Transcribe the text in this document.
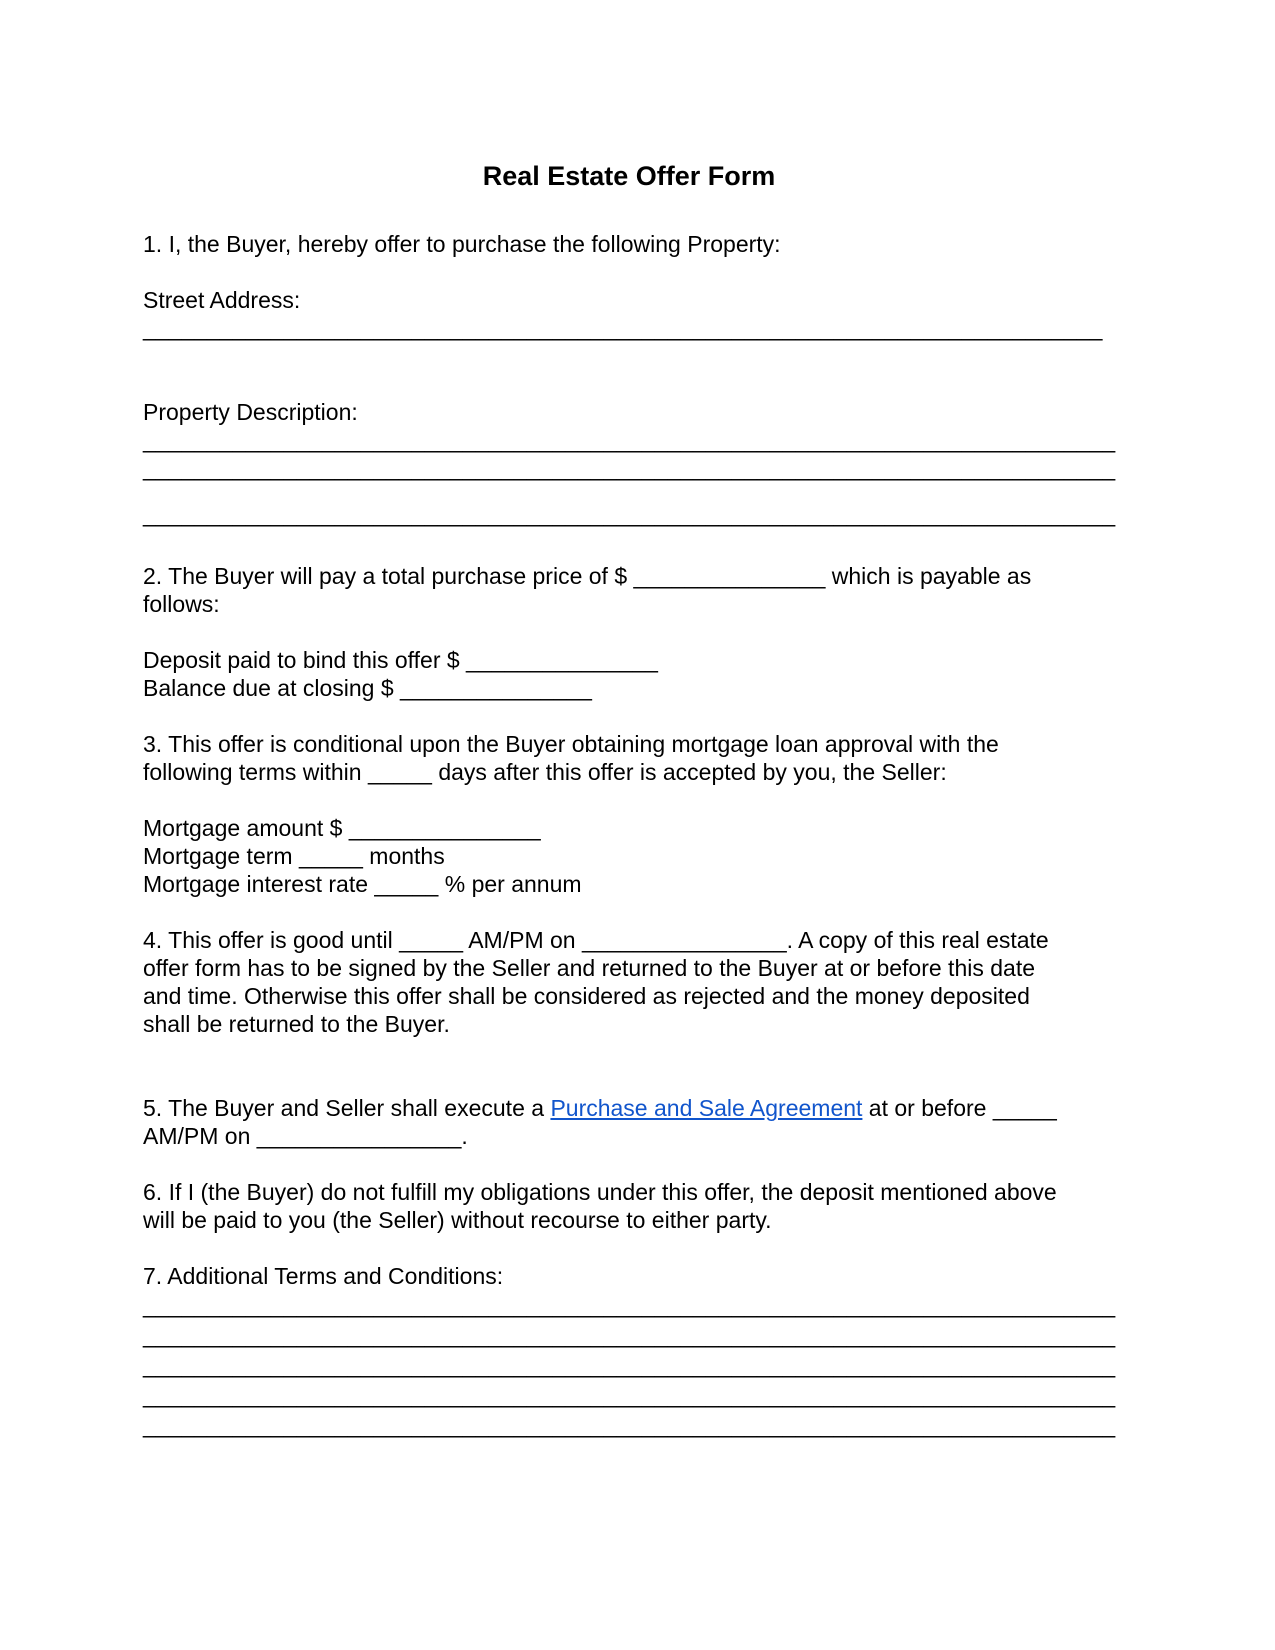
Real Estate Offer Form
1. I, the Buyer, hereby offer to purchase the following Property:
Street Address:
___________________________________________________________________________
Property Description:
____________________________________________________________________________
____________________________________________________________________________
____________________________________________________________________________
2. The Buyer will pay a total purchase price of $ _______________ which is payable as
follows:
Deposit paid to bind this offer $ _______________
Balance due at closing $ _______________
3. This offer is conditional upon the Buyer obtaining mortgage loan approval with the
following terms within _____ days after this offer is accepted by you, the Seller:
Mortgage amount $ _______________
Mortgage term _____ months
Mortgage interest rate _____ % per annum
4. This offer is good until _____ AM/PM on ________________. A copy of this real estate
offer form has to be signed by the Seller and returned to the Buyer at or before this date
and time. Otherwise this offer shall be considered as rejected and the money deposited
shall be returned to the Buyer.
5. The Buyer and Seller shall execute a Purchase and Sale Agreement at or before _____
AM/PM on ________________.
6. If I (the Buyer) do not fulfill my obligations under this offer, the deposit mentioned above
will be paid to you (the Seller) without recourse to either party.
7. Additional Terms and Conditions:
____________________________________________________________________________
____________________________________________________________________________
____________________________________________________________________________
____________________________________________________________________________
____________________________________________________________________________
